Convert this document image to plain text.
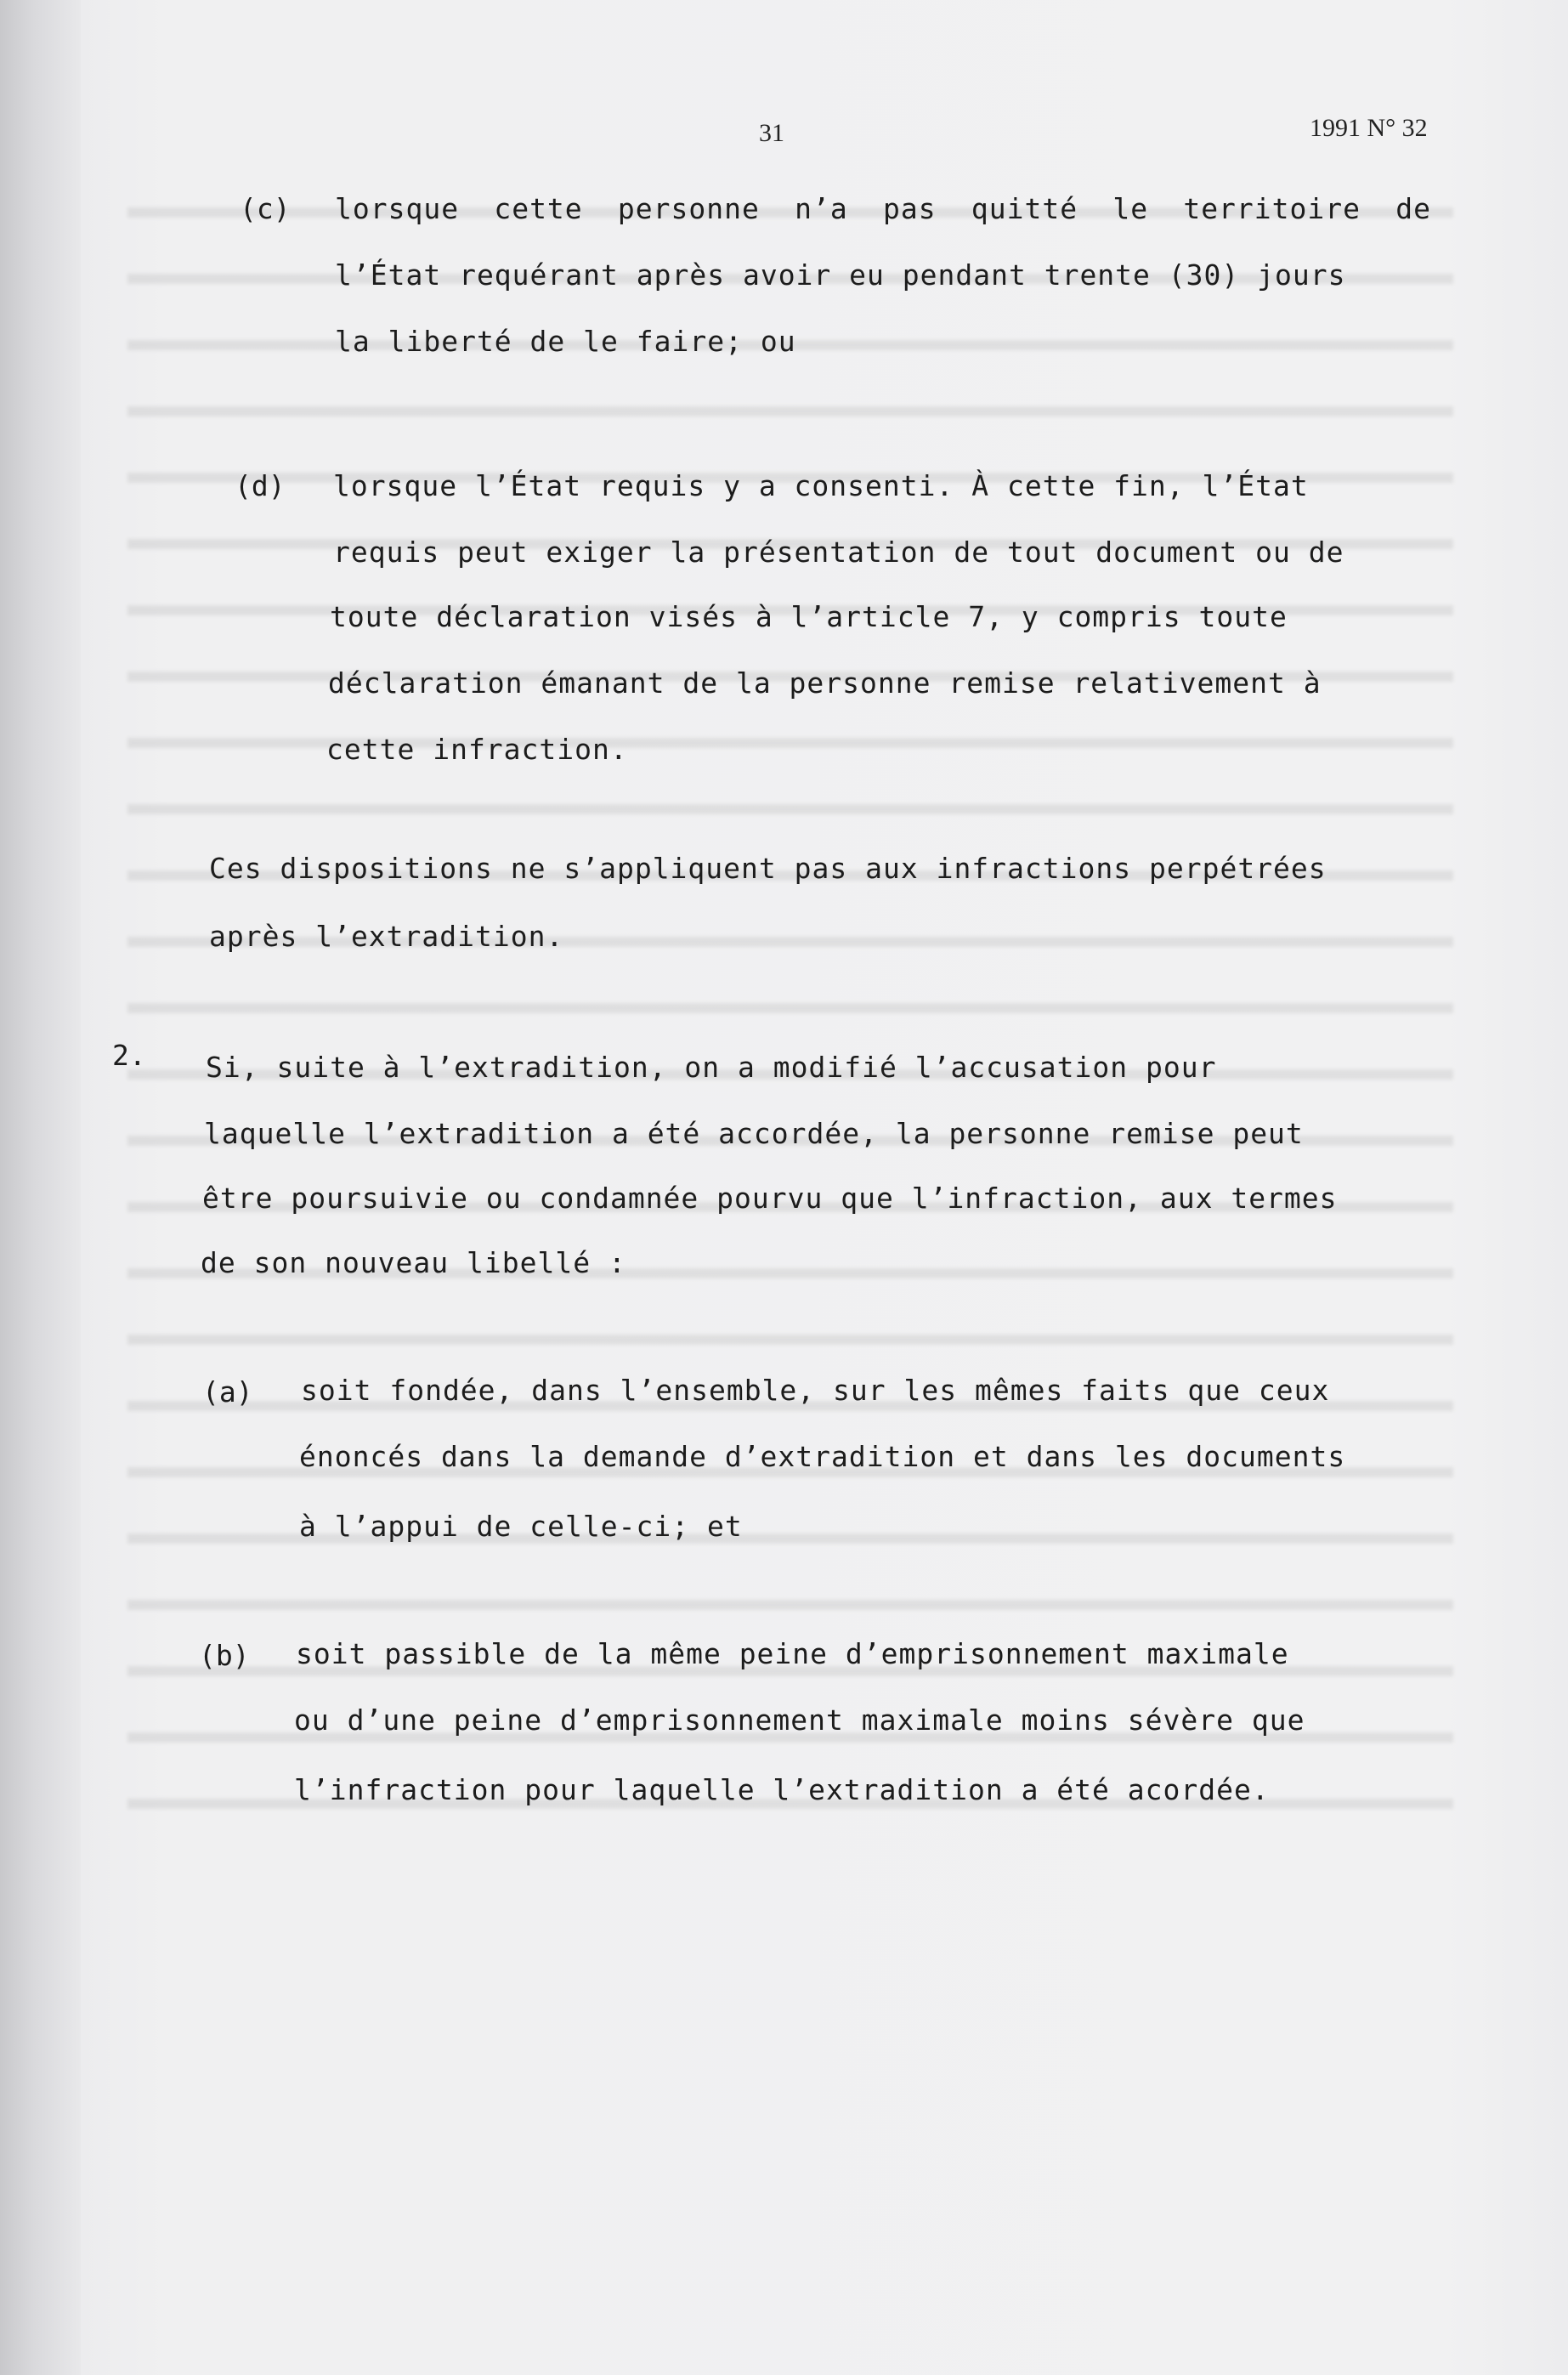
31	1991 N° 32
(c) lorsque cette personne n’a pas quitté le territoire de
l’État requérant après avoir eu pendant trente (30) jours
la liberté de le faire; ou
(d) lorsque l’État requis y a consenti. À cette fin, l’État
requis peut exiger la présentation de tout document ou de
toute déclaration visés à l’article 7, y compris toute
déclaration émanant de la personne remise relativement à
cette infraction.
Ces dispositions ne s’appliquent pas aux infractions perpétrées
après l’extradition.
2. Si, suite à l’extradition, on a modifié l’accusation pour
laquelle l’extradition a été accordée, la personne remise peut
être poursuivie ou condamnée pourvu que l’infraction, aux termes
de son nouveau libellé :
(a) soit fondée, dans l’ensemble, sur les mêmes faits que ceux
énoncés dans la demande d’extradition et dans les documents
à l’appui de celle-ci; et
(b) soit passible de la même peine d’emprisonnement maximale
ou d’une peine d’emprisonnement maximale moins sévère que
l’infraction pour laquelle l’extradition a été acordée.
